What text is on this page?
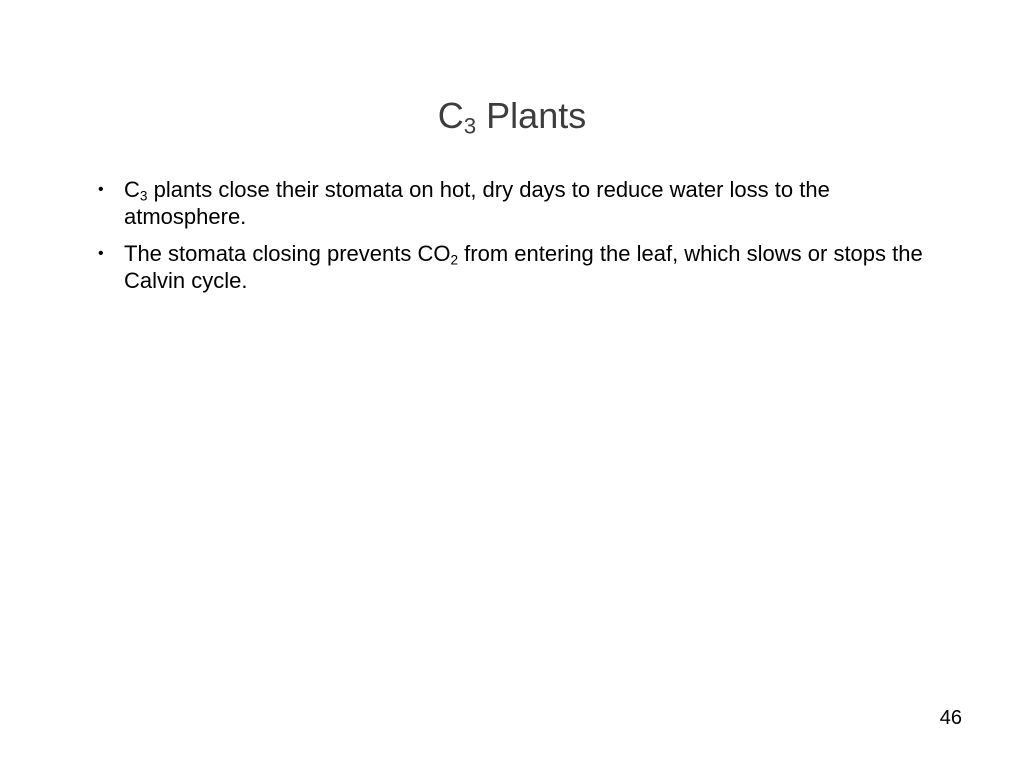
$C_3$ Plants
• $C_3$ plants close their stomata on hot, dry days to reduce water loss to the atmosphere.
• The stomata closing prevents $CO_2$ from entering the leaf, which slows or stops the Calvin cycle.
46
